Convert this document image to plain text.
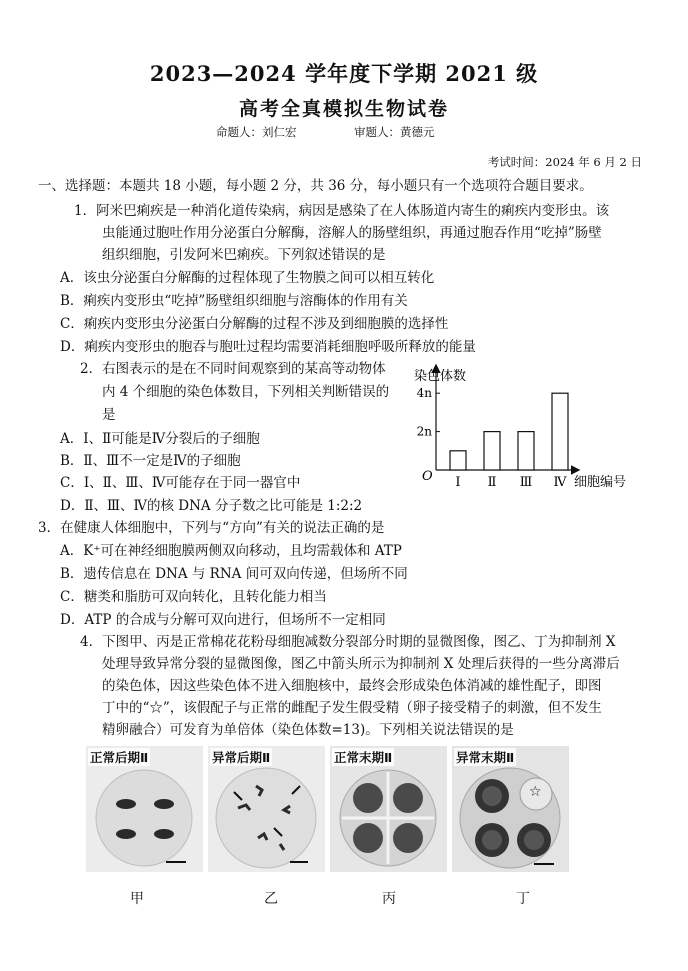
2023—2024 学年度下学期 2021 级
高考全真模拟生物试卷
命题人：刘仁宏	审题人：黄德元
考试时间：2024 年 6 月 2 日
一、选择题：本题共 18 小题，每小题 2 分，共 36 分，每小题只有一个选项符合题目要求。
1．阿米巴痢疾是一种消化道传染病，病因是感染了在人体肠道内寄生的痢疾内变形虫。该
虫能通过胞吐作用分泌蛋白分解酶，溶解人的肠壁组织，再通过胞吞作用“吃掉”肠壁
组织细胞，引发阿米巴痢疾。下列叙述错误的是
A．该虫分泌蛋白分解酶的过程体现了生物膜之间可以相互转化
B．痢疾内变形虫“吃掉”肠壁组织细胞与溶酶体的作用有关
C．痢疾内变形虫分泌蛋白分解酶的过程不涉及到细胞膜的选择性
D．痢疾内变形虫的胞吞与胞吐过程均需要消耗细胞呼吸所释放的能量
2．右图表示的是在不同时间观察到的某高等动物体
内 4 个细胞的染色体数目，下列相关判断错误的
是
A．Ⅰ、Ⅱ可能是Ⅳ分裂后的子细胞
B．Ⅱ、Ⅲ不一定是Ⅳ的子细胞
C．Ⅰ、Ⅱ、Ⅲ、Ⅳ可能存在于同一器官中
D．Ⅱ、Ⅲ、Ⅳ的核 DNA 分子数之比可能是 1:2:2
染色体数
细胞编号
O Ⅰ Ⅱ Ⅲ Ⅳ
2n
4n
3．在健康人体细胞中，下列与“方向”有关的说法正确的是
A．K⁺可在神经细胞膜两侧双向移动，且均需载体和 ATP
B．遗传信息在 DNA 与 RNA 间可双向传递，但场所不同
C．糖类和脂肪可双向转化，且转化能力相当
D．ATP 的合成与分解可双向进行，但场所不一定相同
4．下图甲、丙是正常棉花花粉母细胞减数分裂部分时期的显微图像，图乙、丁为抑制剂 X
处理导致异常分裂的显微图像，图乙中箭头所示为抑制剂 X 处理后获得的一些分离滞后
的染色体，因这些染色体不进入细胞核中，最终会形成染色体消减的雄性配子，即图
丁中的“☆”，该假配子与正常的雌配子发生假受精（卵子接受精子的刺激，但不发生
精卵融合）可发育为单倍体（染色体数=13)。下列相关说法错误的是
正常后期Ⅱ	异常后期Ⅱ	正常末期Ⅱ	异常末期Ⅱ
☆
甲	乙	丙	丁
